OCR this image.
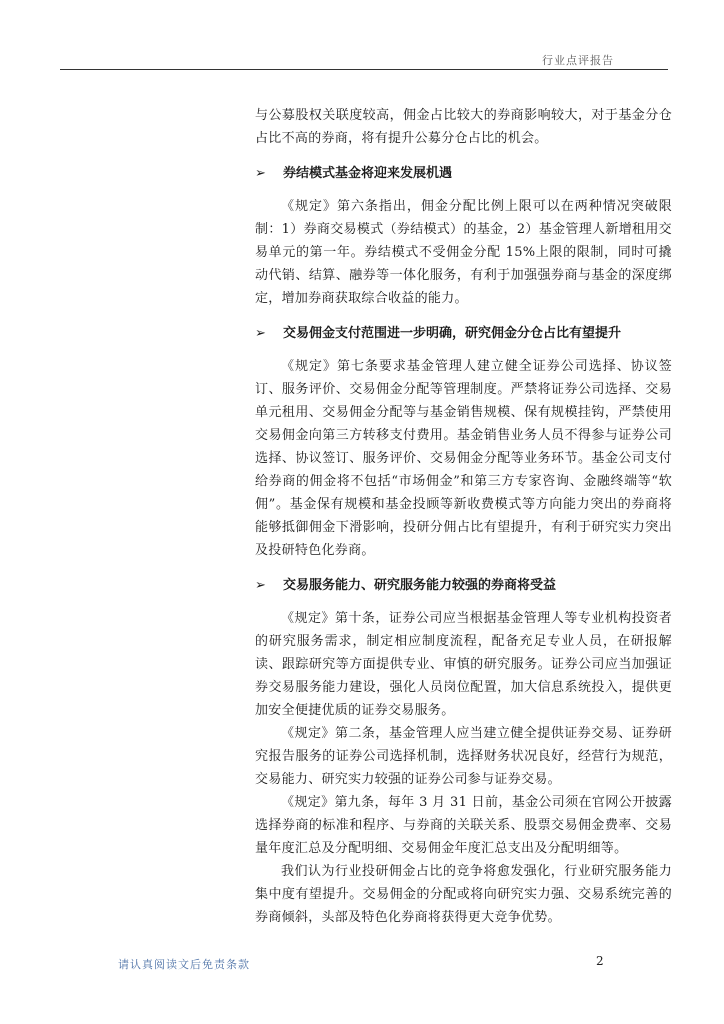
行业点评报告

与公募股权关联度较高，佣金占比较大的券商影响较大，对于基金分仓占比不高的券商，将有提升公募分仓占比的机会。

➢	券结模式基金将迎来发展机遇

《规定》第六条指出，佣金分配比例上限可以在两种情况突破限制：1）券商交易模式（券结模式）的基金，2）基金管理人新增租用交易单元的第一年。券结模式不受佣金分配 15%上限的限制，同时可撬动代销、结算、融券等一体化服务，有利于加强强券商与基金的深度绑定，增加券商获取综合收益的能力。

➢	交易佣金支付范围进一步明确，研究佣金分仓占比有望提升

《规定》第七条要求基金管理人建立健全证券公司选择、协议签订、服务评价、交易佣金分配等管理制度。严禁将证券公司选择、交易单元租用、交易佣金分配等与基金销售规模、保有规模挂钩，严禁使用交易佣金向第三方转移支付费用。基金销售业务人员不得参与证券公司选择、协议签订、服务评价、交易佣金分配等业务环节。基金公司支付给券商的佣金将不包括“市场佣金”和第三方专家咨询、金融终端等“软佣”。基金保有规模和基金投顾等新收费模式等方向能力突出的券商将能够抵御佣金下滑影响，投研分佣占比有望提升，有利于研究实力突出及投研特色化券商。

➢	交易服务能力、研究服务能力较强的券商将受益

《规定》第十条，证券公司应当根据基金管理人等专业机构投资者的研究服务需求，制定相应制度流程，配备充足专业人员，在研报解读、跟踪研究等方面提供专业、审慎的研究服务。证券公司应当加强证券交易服务能力建设，强化人员岗位配置，加大信息系统投入，提供更加安全便捷优质的证券交易服务。

《规定》第二条，基金管理人应当建立健全提供证券交易、证券研究报告服务的证券公司选择机制，选择财务状况良好，经营行为规范，交易能力、研究实力较强的证券公司参与证券交易。

《规定》第九条，每年 3 月 31 日前，基金公司须在官网公开披露选择券商的标准和程序、与券商的关联关系、股票交易佣金费率、交易量年度汇总及分配明细、交易佣金年度汇总支出及分配明细等。

我们认为行业投研佣金占比的竞争将愈发强化，行业研究服务能力集中度有望提升。交易佣金的分配或将向研究实力强、交易系统完善的券商倾斜，头部及特色化券商将获得更大竞争优势。

请认真阅读文后免责条款	2
